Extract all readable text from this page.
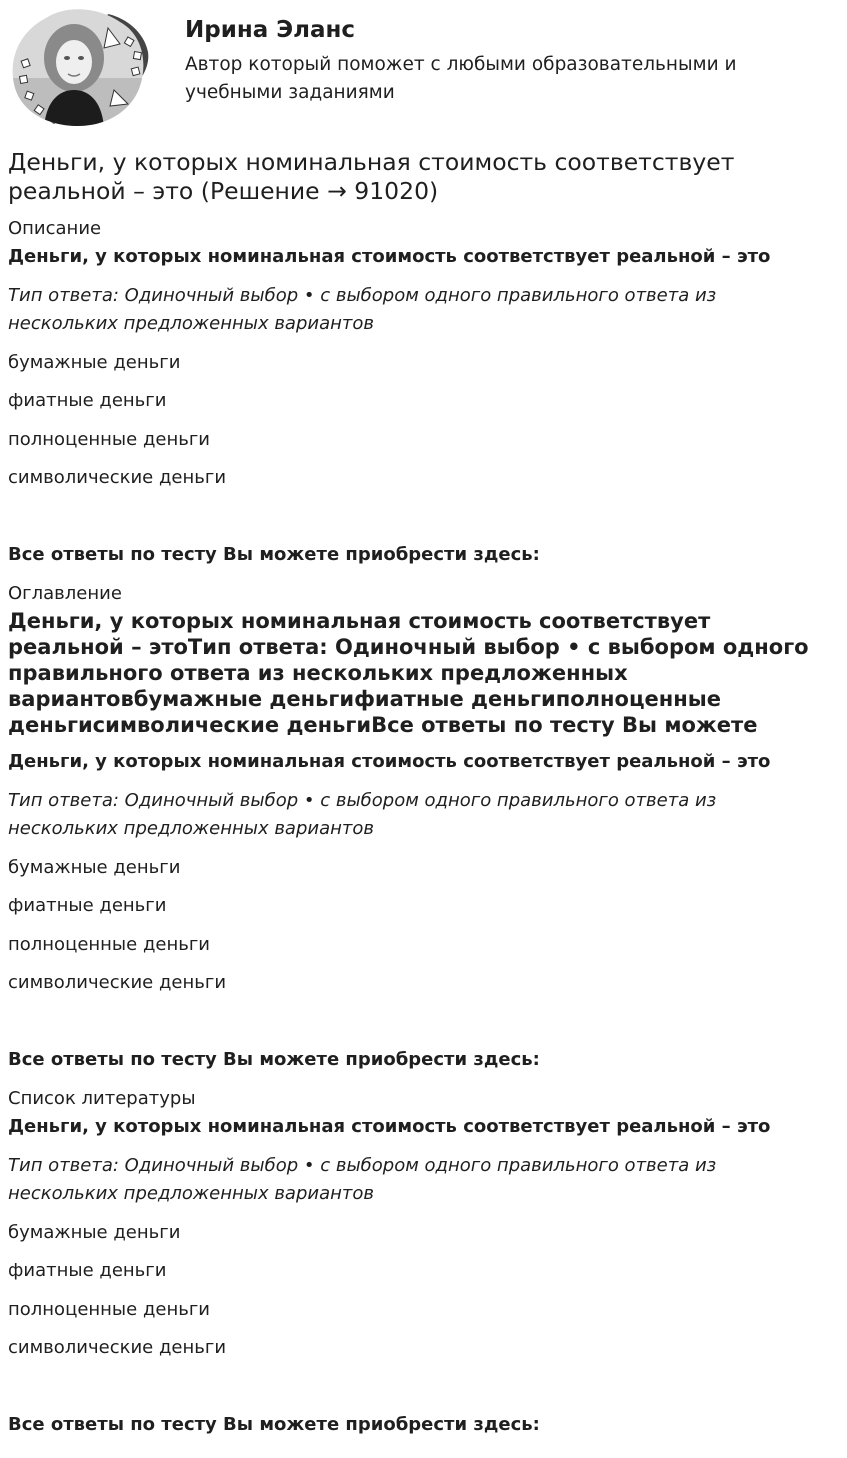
Ирина Эланс

Автор который поможет с любыми образовательными и учебными заданиями

Деньги, у которых номинальная стоимость соответствует реальной – это (Решение → 91020)

Описание

Деньги, у которых номинальная стоимость соответствует реальной – это

Тип ответа: Одиночный выбор • с выбором одного правильного ответа из нескольких предложенных вариантов

бумажные деньги

фиатные деньги

полноценные деньги

символические деньги

Все ответы по тесту Вы можете приобрести здесь:

Оглавление

Деньги, у которых номинальная стоимость соответствует реальной – этоТип ответа: Одиночный выбор • с выбором одного правильного ответа из нескольких предложенных вариантовбумажные деньгифиатные деньгиполноценные деньгисимволические деньгиВсе ответы по тесту Вы можете

Деньги, у которых номинальная стоимость соответствует реальной – это

Тип ответа: Одиночный выбор • с выбором одного правильного ответа из нескольких предложенных вариантов

бумажные деньги

фиатные деньги

полноценные деньги

символические деньги

Все ответы по тесту Вы можете приобрести здесь:

Список литературы

Деньги, у которых номинальная стоимость соответствует реальной – это

Тип ответа: Одиночный выбор • с выбором одного правильного ответа из нескольких предложенных вариантов

бумажные деньги

фиатные деньги

полноценные деньги

символические деньги

Все ответы по тесту Вы можете приобрести здесь:
